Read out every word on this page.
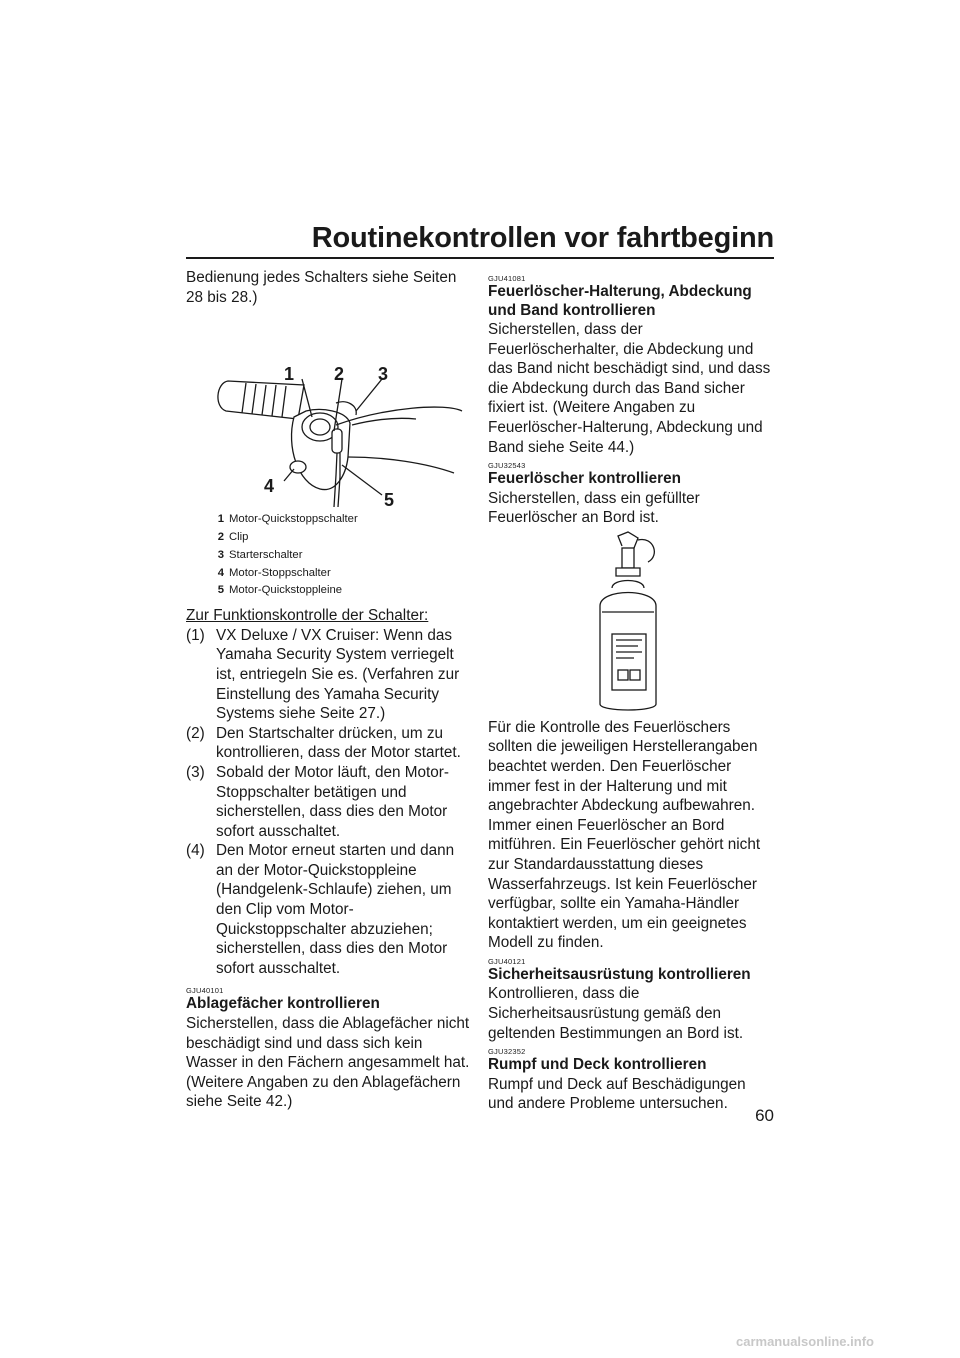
Routinekontrollen vor fahrtbeginn

Bedienung jedes Schalters siehe Seiten 28 bis 28.)

1 2 3
4
5
1 Motor-Quickstoppschalter
2 Clip
3 Starterschalter
4 Motor-Stoppschalter
5 Motor-Quickstoppleine

Zur Funktionskontrolle der Schalter:

(1) VX Deluxe / VX Cruiser: Wenn das Yamaha Security System verriegelt ist, entriegeln Sie es. (Verfahren zur Einstellung des Yamaha Security Systems siehe Seite 27.)
(2) Den Startschalter drücken, um zu kontrollieren, dass der Motor startet.
(3) Sobald der Motor läuft, den Motor-Stoppschalter betätigen und sicherstellen, dass dies den Motor sofort ausschaltet.
(4) Den Motor erneut starten und dann an der Motor-Quickstoppleine (Handgelenk-Schlaufe) ziehen, um den Clip vom Motor-Quickstoppschalter abzuziehen; sicherstellen, dass dies den Motor sofort ausschaltet.
GJU40101
Ablagefächer kontrollieren

Sicherstellen, dass die Ablagefächer nicht beschädigt sind und dass sich kein Wasser in den Fächern angesammelt hat. (Weitere Angaben zu den Ablagefächern siehe Seite 42.)

GJU41081
Feuerlöscher-Halterung, Abdeckung und Band kontrollieren

Sicherstellen, dass der Feuerlöscherhalter, die Abdeckung und das Band nicht beschädigt sind, und dass die Abdeckung durch das Band sicher fixiert ist. (Weitere Angaben zu Feuerlöscher-Halterung, Abdeckung und Band siehe Seite 44.)

GJU32543
Feuerlöscher kontrollieren

Sicherstellen, dass ein gefüllter Feuerlöscher an Bord ist.

Für die Kontrolle des Feuerlöschers sollten die jeweiligen Herstellerangaben beachtet werden. Den Feuerlöscher immer fest in der Halterung und mit angebrachter Abdeckung aufbewahren.

Immer einen Feuerlöscher an Bord mitführen. Ein Feuerlöscher gehört nicht zur Standardausstattung dieses Wasserfahrzeugs. Ist kein Feuerlöscher verfügbar, sollte ein Yamaha-Händler kontaktiert werden, um ein geeignetes Modell zu finden.

GJU40121
Sicherheitsausrüstung kontrollieren

Kontrollieren, dass die Sicherheitsausrüstung gemäß den geltenden Bestimmungen an Bord ist.

GJU32352
Rumpf und Deck kontrollieren

Rumpf und Deck auf Beschädigungen und andere Probleme untersuchen.

60
carmanualsonline.info
